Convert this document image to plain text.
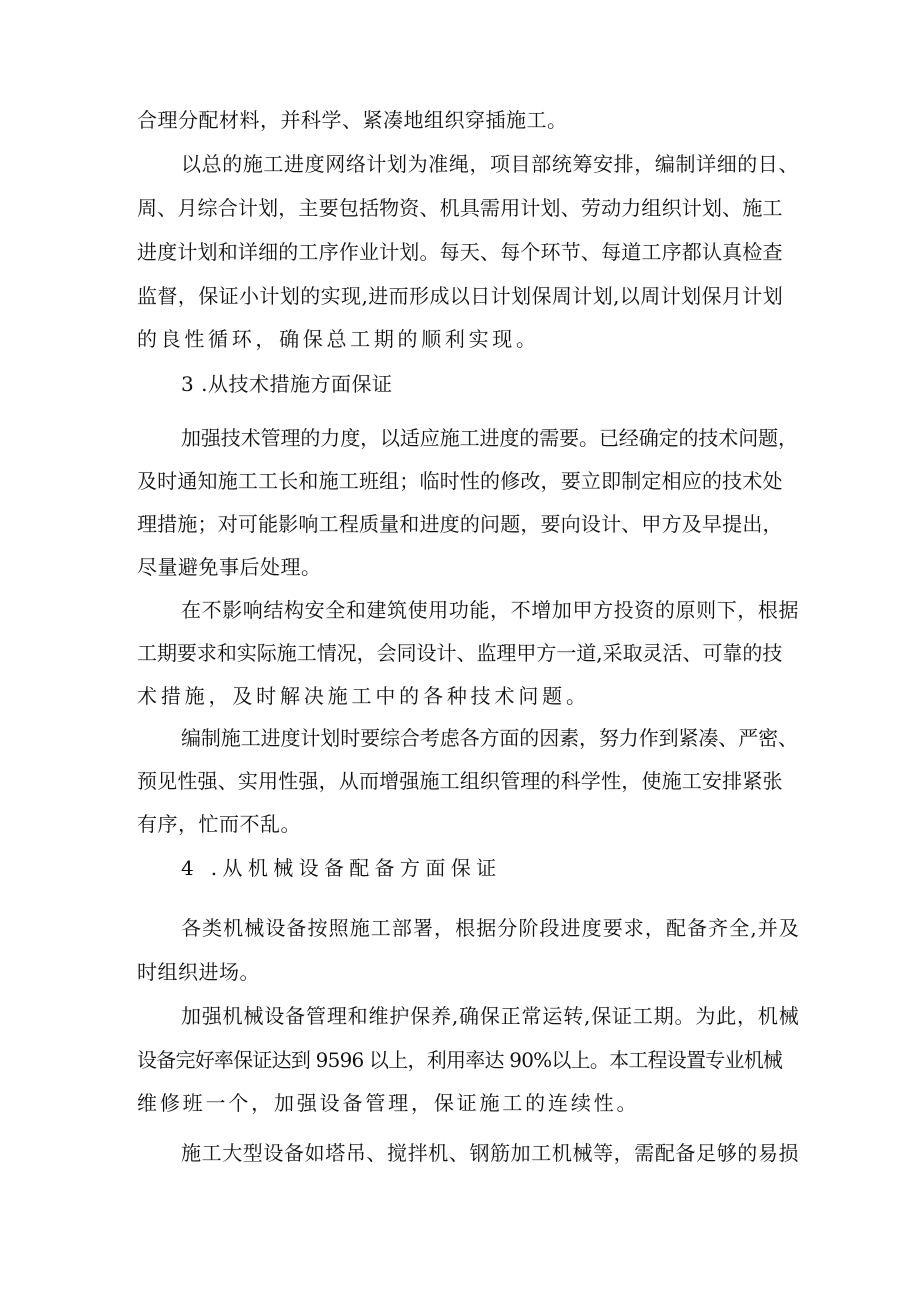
合理分配材料，并科学、紧凑地组织穿插施工。
以总的施工进度网络计划为准绳，项目部统筹安排，编制详细的日、
周、月综合计划，主要包括物资、机具需用计划、劳动力组织计划、施工
进度计划和详细的工序作业计划。每天、每个环节、每道工序都认真检查
监督，保证小计划的实现,进而形成以日计划保周计划,以周计划保月计划
的良性循环，确保总工期的顺利实现。
3 .从技术措施方面保证
加强技术管理的力度，以适应施工进度的需要。已经确定的技术问题，
及时通知施工工长和施工班组；临时性的修改，要立即制定相应的技术处
理措施；对可能影响工程质量和进度的问题，要向设计、甲方及早提出，
尽量避免事后处理。
在不影响结构安全和建筑使用功能，不增加甲方投资的原则下，根据
工期要求和实际施工情况，会同设计、监理甲方一道,采取灵活、可靠的技
术措施，及时解决施工中的各种技术问题。
编制施工进度计划时要综合考虑各方面的因素，努力作到紧凑、严密、
预见性强、实用性强，从而增强施工组织管理的科学性，使施工安排紧张
有序，忙而不乱。
4 .从机械设备配备方面保证
各类机械设备按照施工部署，根据分阶段进度要求，配备齐全,并及
时组织进场。
加强机械设备管理和维护保养,确保正常运转,保证工期。为此，机械
设备完好率保证达到 9596 以上，利用率达 90%以上。本工程设置专业机械
维修班一个，加强设备管理，保证施工的连续性。
施工大型设备如塔吊、搅拌机、钢筋加工机械等，需配备足够的易损
